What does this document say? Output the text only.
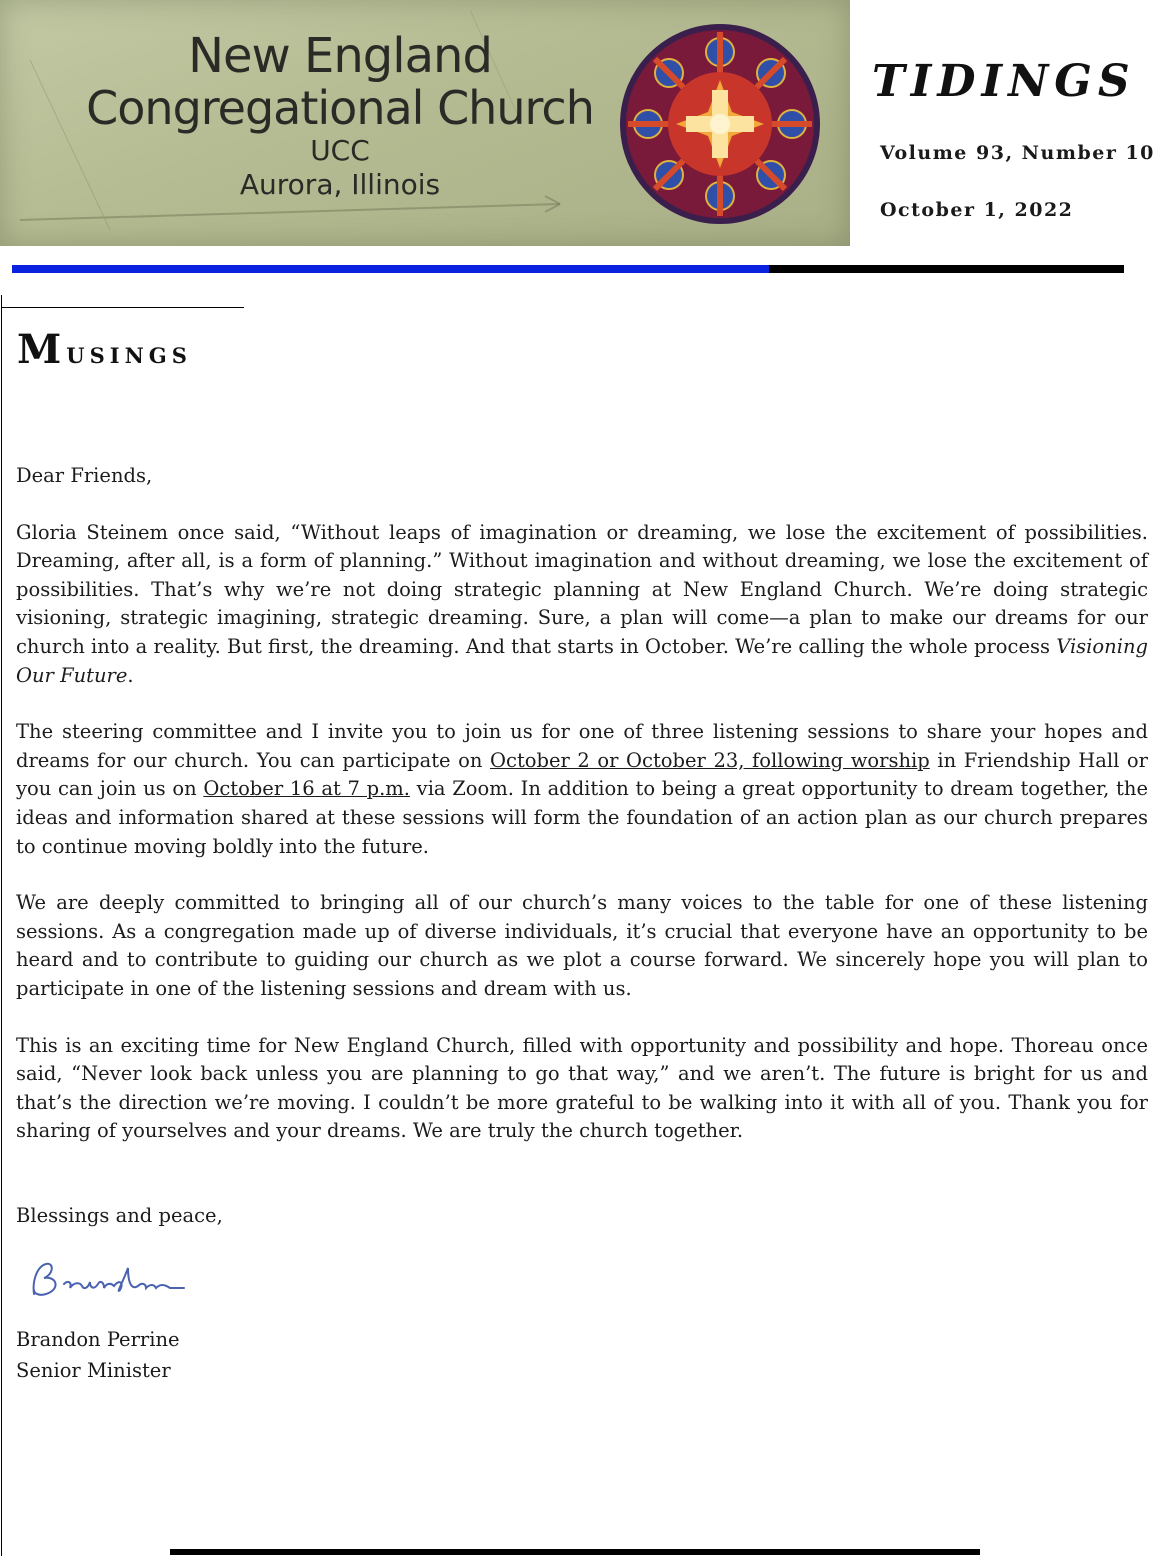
New England
Congregational Church
UCC
Aurora, Illinois
TIDINGS
Volume 93, Number 10
October 1, 2022
Musings

Dear Friends,

Gloria Steinem once said, “Without leaps of imagination or dreaming, we lose the excitement of possibilities. Dreaming, after all, is a form of planning.” Without imagination and without dreaming, we lose the excitement of possibilities. That’s why we’re not doing strategic planning at New England Church. We’re doing strategic visioning, strategic imagining, strategic dreaming. Sure, a plan will come—a plan to make our dreams for our church into a reality. But first, the dreaming. And that starts in October. We’re calling the whole process Visioning Our Future.

The steering committee and I invite you to join us for one of three listening sessions to share your hopes and dreams for our church. You can participate on October 2 or October 23, following worship in Friendship Hall or you can join us on October 16 at 7 p.m. via Zoom. In addition to being a great opportunity to dream together, the ideas and information shared at these sessions will form the foundation of an action plan as our church prepares to continue moving boldly into the future.

We are deeply committed to bringing all of our church’s many voices to the table for one of these listening sessions. As a congregation made up of diverse individuals, it’s crucial that everyone have an opportunity to be heard and to contribute to guiding our church as we plot a course forward. We sincerely hope you will plan to participate in one of the listening sessions and dream with us.

This is an exciting time for New England Church, filled with opportunity and possibility and hope. Thoreau once said, “Never look back unless you are planning to go that way,” and we aren’t. The future is bright for us and that’s the direction we’re moving. I couldn’t be more grateful to be walking into it with all of you. Thank you for sharing of yourselves and your dreams. We are truly the church together.

Blessings and peace,

Brandon Perrine
Senior Minister
